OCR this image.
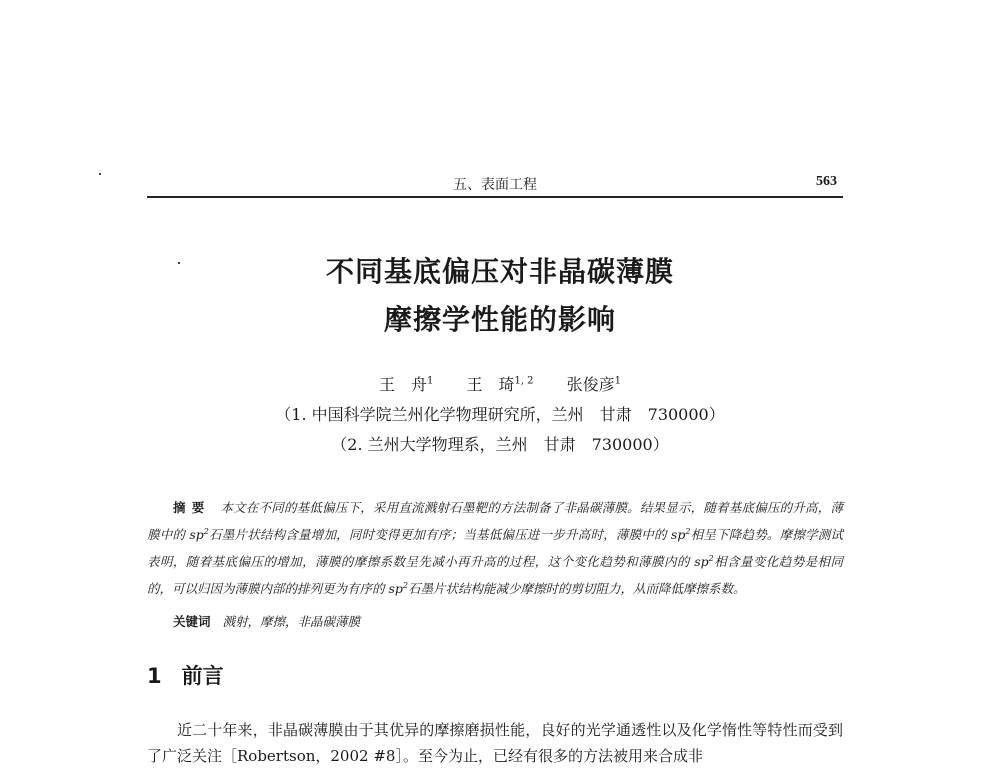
五、表面工程	563
不同基底偏压对非晶碳薄膜
摩擦学性能的影响
王　舟$^1$ 王　琦$^{1, 2}$ 张俊彦$^1$
（1. 中国科学院兰州化学物理研究所，兰州　甘肃　730000）
（2. 兰州大学物理系，兰州　甘肃　730000）
摘要 本文在不同的基低偏压下，采用直流溅射石墨靶的方法制备了非晶碳薄膜。结果显示，随着基底偏压的升高，薄膜中的 $sp^2$石墨片状结构含量增加，同时变得更加有序；当基低偏压进一步升高时，薄膜中的 $sp^2$相呈下降趋势。摩擦学测试表明，随着基底偏压的增加，薄膜的摩擦系数呈先减小再升高的过程，这个变化趋势和薄膜内的 $sp^2$相含量变化趋势是相同的，可以归因为薄膜内部的排列更为有序的 $sp^2$石墨片状结构能减少摩擦时的剪切阻力，从而降低摩擦系数。
关键词 溅射，摩擦，非晶碳薄膜
1 前言
近二十年来，非晶碳薄膜由于其优异的摩擦磨损性能，良好的光学通透性以及化学惰性等特性而受到了广泛关注［Robertson，2002 #8］。至今为止，已经有很多的方法被用来合成非
